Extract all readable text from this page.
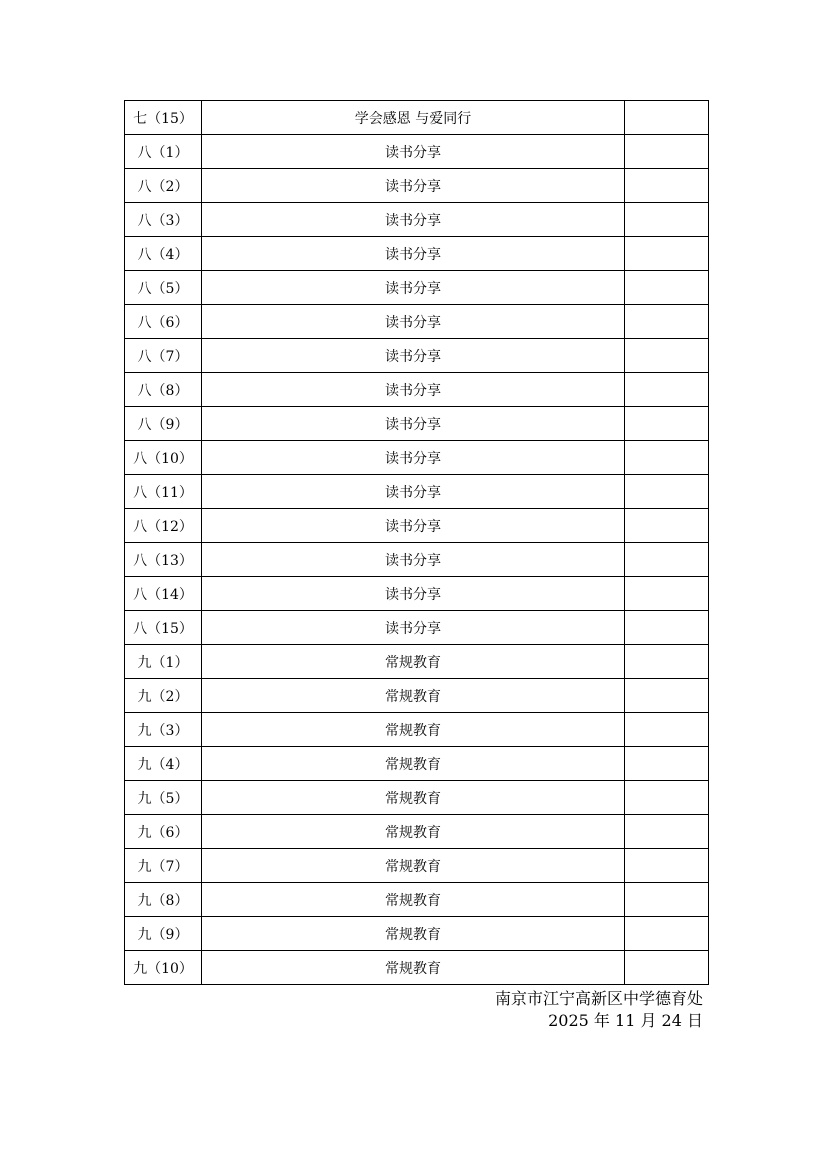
七（15）	学会感恩 与爱同行	
八（1）	读书分享	
八（2）	读书分享	
八（3）	读书分享	
八（4）	读书分享	
八（5）	读书分享	
八（6）	读书分享	
八（7）	读书分享	
八（8）	读书分享	
八（9）	读书分享	
八（10）	读书分享	
八（11）	读书分享	
八（12）	读书分享	
八（13）	读书分享	
八（14）	读书分享	
八（15）	读书分享	
九（1）	常规教育	
九（2）	常规教育	
九（3）	常规教育	
九（4）	常规教育	
九（5）	常规教育	
九（6）	常规教育	
九（7）	常规教育	
九（8）	常规教育	
九（9）	常规教育	
九（10）	常规教育	
南京市江宁高新区中学德育处
2025 年 11 月 24 日
